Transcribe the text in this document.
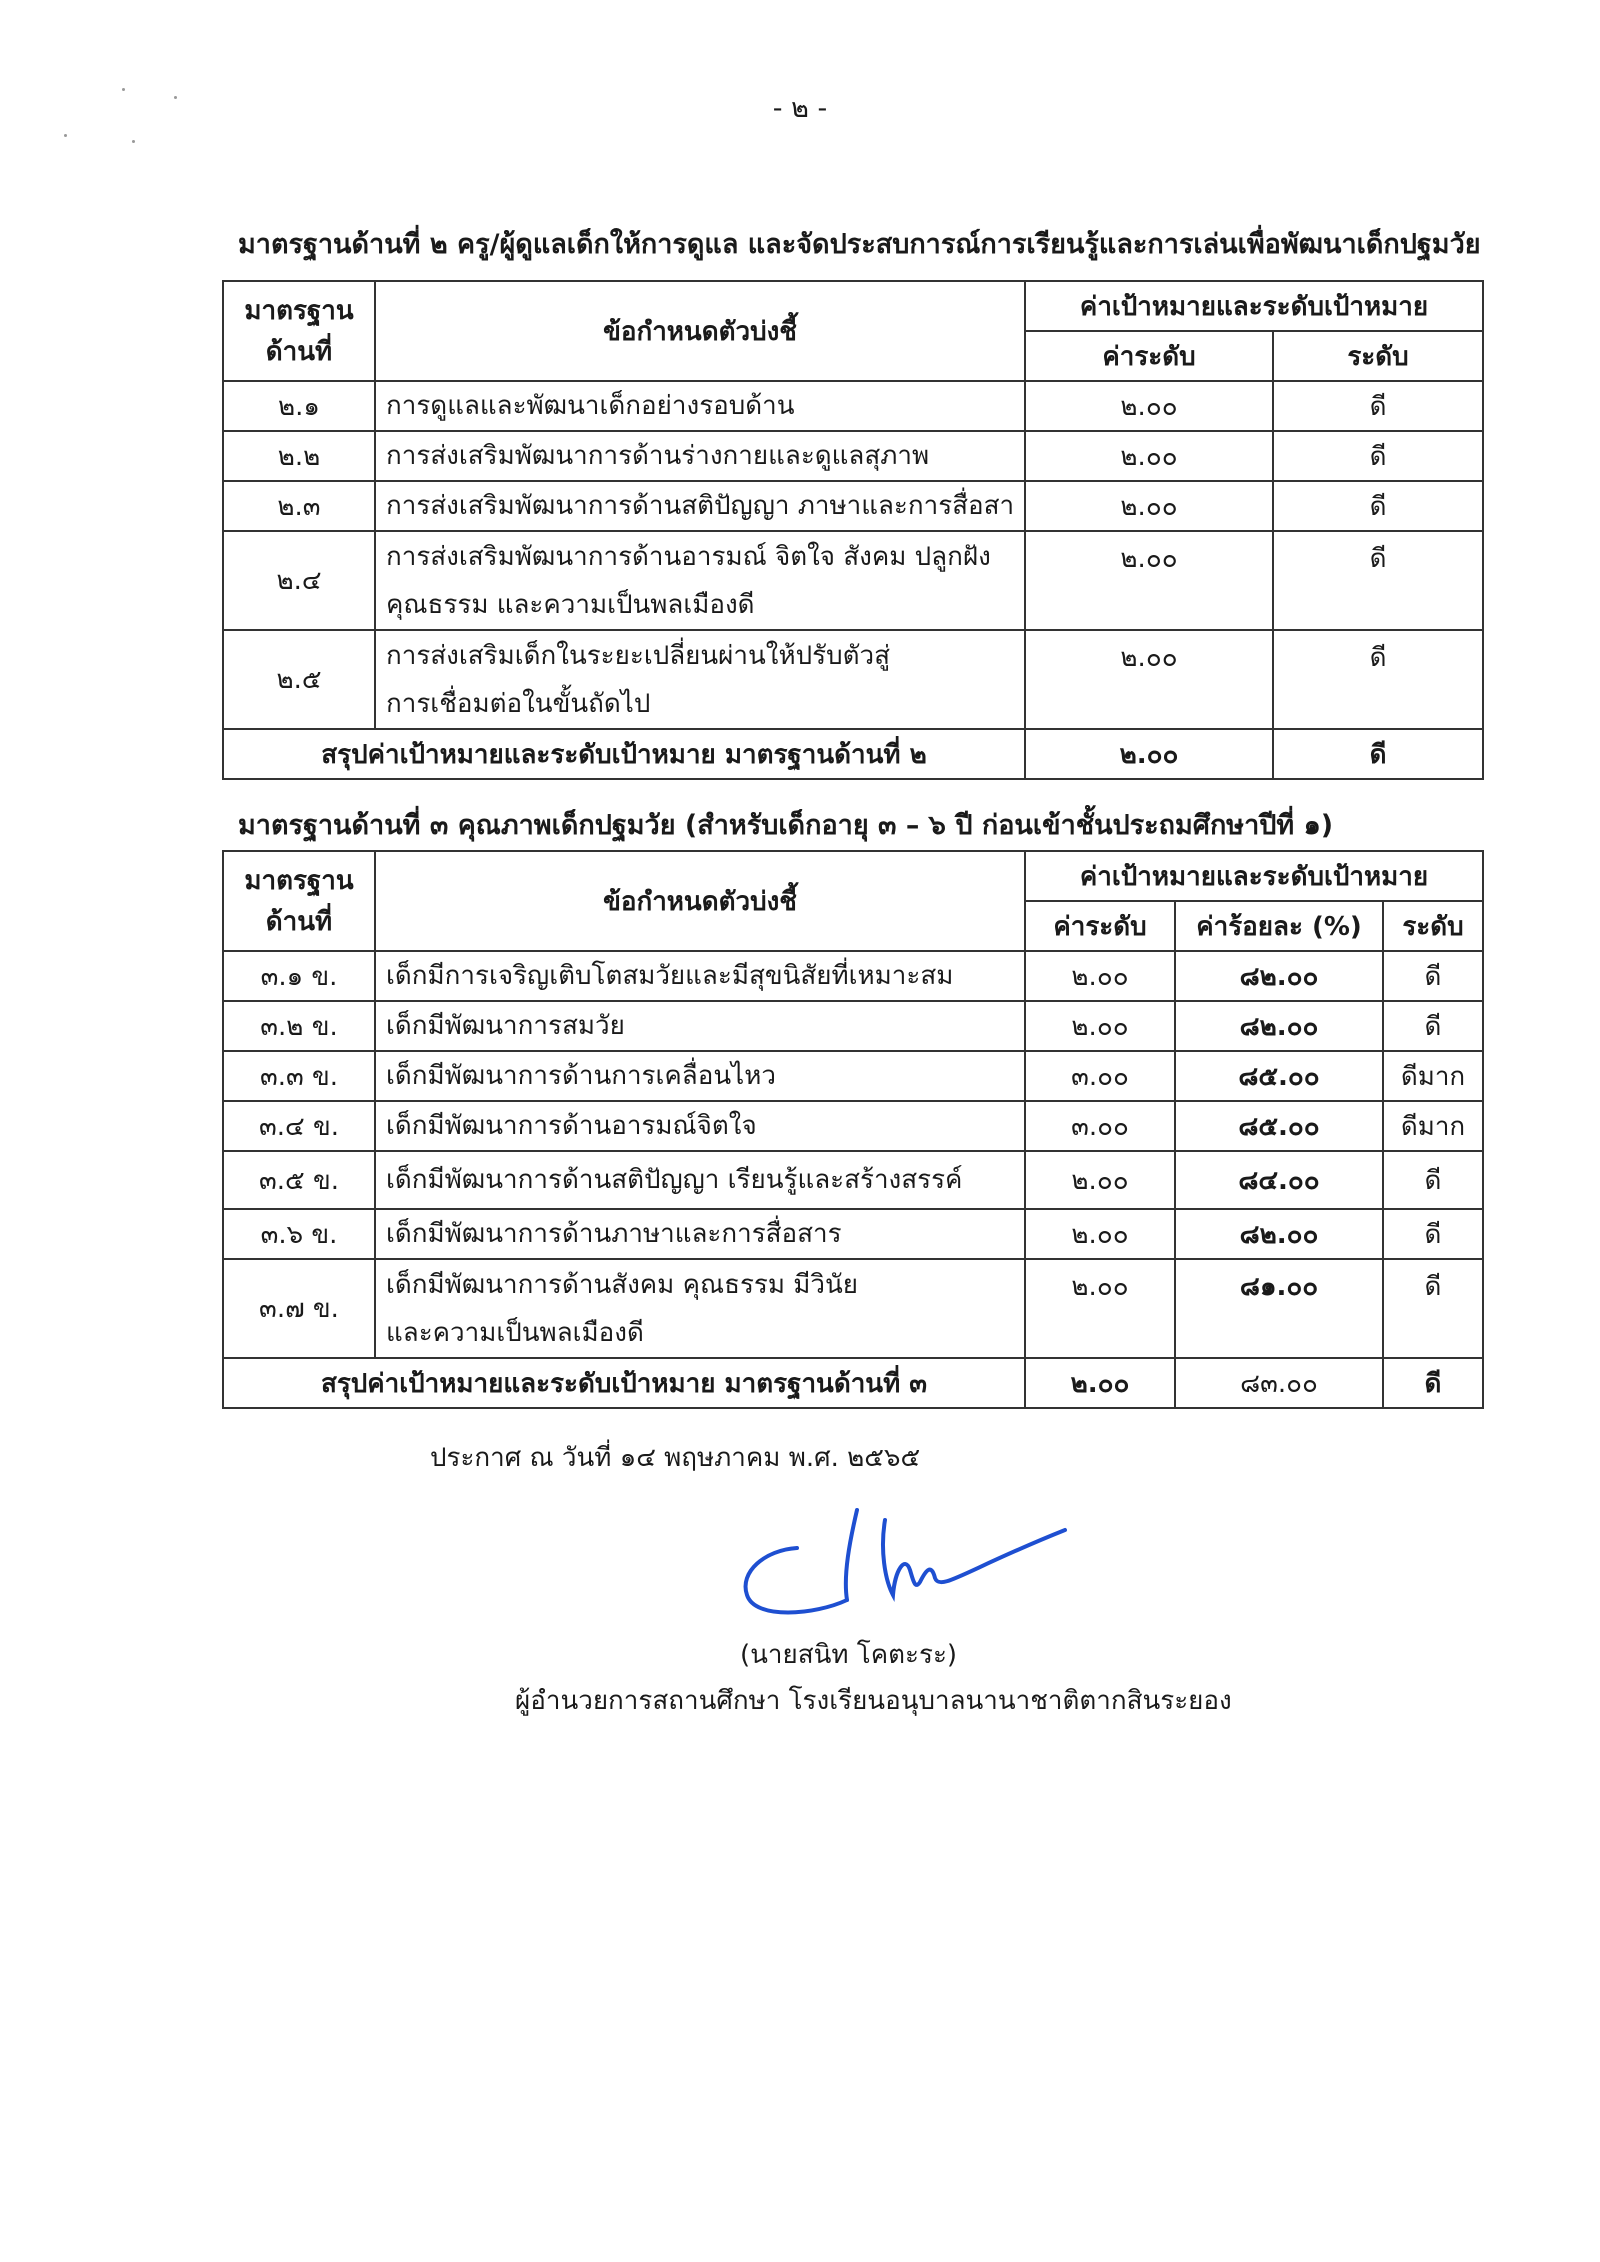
- ๒ -
มาตรฐานด้านที่ ๒ ครู/ผู้ดูแลเด็กให้การดูแล และจัดประสบการณ์การเรียนรู้และการเล่นเพื่อพัฒนาเด็กปฐมวัย
มาตรฐาน ด้านที่	ข้อกำหนดตัวบ่งชี้	ค่าเป้าหมายและระดับเป้าหมาย	
		ค่าระดับ	ระดับ
๒.๑	การดูแลและพัฒนาเด็กอย่างรอบด้าน	๒.๐๐	ดี
๒.๒	การส่งเสริมพัฒนาการด้านร่างกายและดูแลสุภาพ	๒.๐๐	ดี
๒.๓	การส่งเสริมพัฒนาการด้านสติปัญญา ภาษาและการสื่อสา	๒.๐๐	ดี
๒.๔	การส่งเสริมพัฒนาการด้านอารมณ์ จิตใจ สังคม ปลูกฝัง
คุณธรรม และความเป็นพลเมืองดี	๒.๐๐	ดี
๒.๕	การส่งเสริมเด็กในระยะเปลี่ยนผ่านให้ปรับตัวสู่
การเชื่อมต่อในขั้นถัดไป	๒.๐๐	ดี
สรุปค่าเป้าหมายและระดับเป้าหมาย มาตรฐานด้านที่ ๒		๒.๐๐	ดี
มาตรฐานด้านที่ ๓ คุณภาพเด็กปฐมวัย (สำหรับเด็กอายุ ๓ – ๖ ปี ก่อนเข้าชั้นประถมศึกษาปีที่ ๑)
มาตรฐาน ด้านที่	ข้อกำหนดตัวบ่งชี้	ค่าเป้าหมายและระดับเป้าหมาย		
		ค่าระดับ	ค่าร้อยละ (%)	ระดับ
๓.๑ ข.	เด็กมีการเจริญเติบโตสมวัยและมีสุขนิสัยที่เหมาะสม	๒.๐๐	๘๒.๐๐	ดี
๓.๒ ข.	เด็กมีพัฒนาการสมวัย	๒.๐๐	๘๒.๐๐	ดี
๓.๓ ข.	เด็กมีพัฒนาการด้านการเคลื่อนไหว	๓.๐๐	๘๕.๐๐	ดีมาก
๓.๔ ข.	เด็กมีพัฒนาการด้านอารมณ์จิตใจ	๓.๐๐	๘๕.๐๐	ดีมาก
๓.๕ ข.	เด็กมีพัฒนาการด้านสติปัญญา เรียนรู้และสร้างสรรค์	๒.๐๐	๘๔.๐๐	ดี
๓.๖ ข.	เด็กมีพัฒนาการด้านภาษาและการสื่อสาร	๒.๐๐	๘๒.๐๐	ดี
๓.๗ ข.	เด็กมีพัฒนาการด้านสังคม คุณธรรม มีวินัย
และความเป็นพลเมืองดี	๒.๐๐	๘๑.๐๐	ดี
สรุปค่าเป้าหมายและระดับเป้าหมาย มาตรฐานด้านที่ ๓		๒.๐๐	๘๓.๐๐	ดี
ประกาศ ณ วันที่ ๑๔ พฤษภาคม พ.ศ. ๒๕๖๕
(นายสนิท โคตะระ)
ผู้อำนวยการสถานศึกษา โรงเรียนอนุบาลนานาชาติตากสินระยอง
